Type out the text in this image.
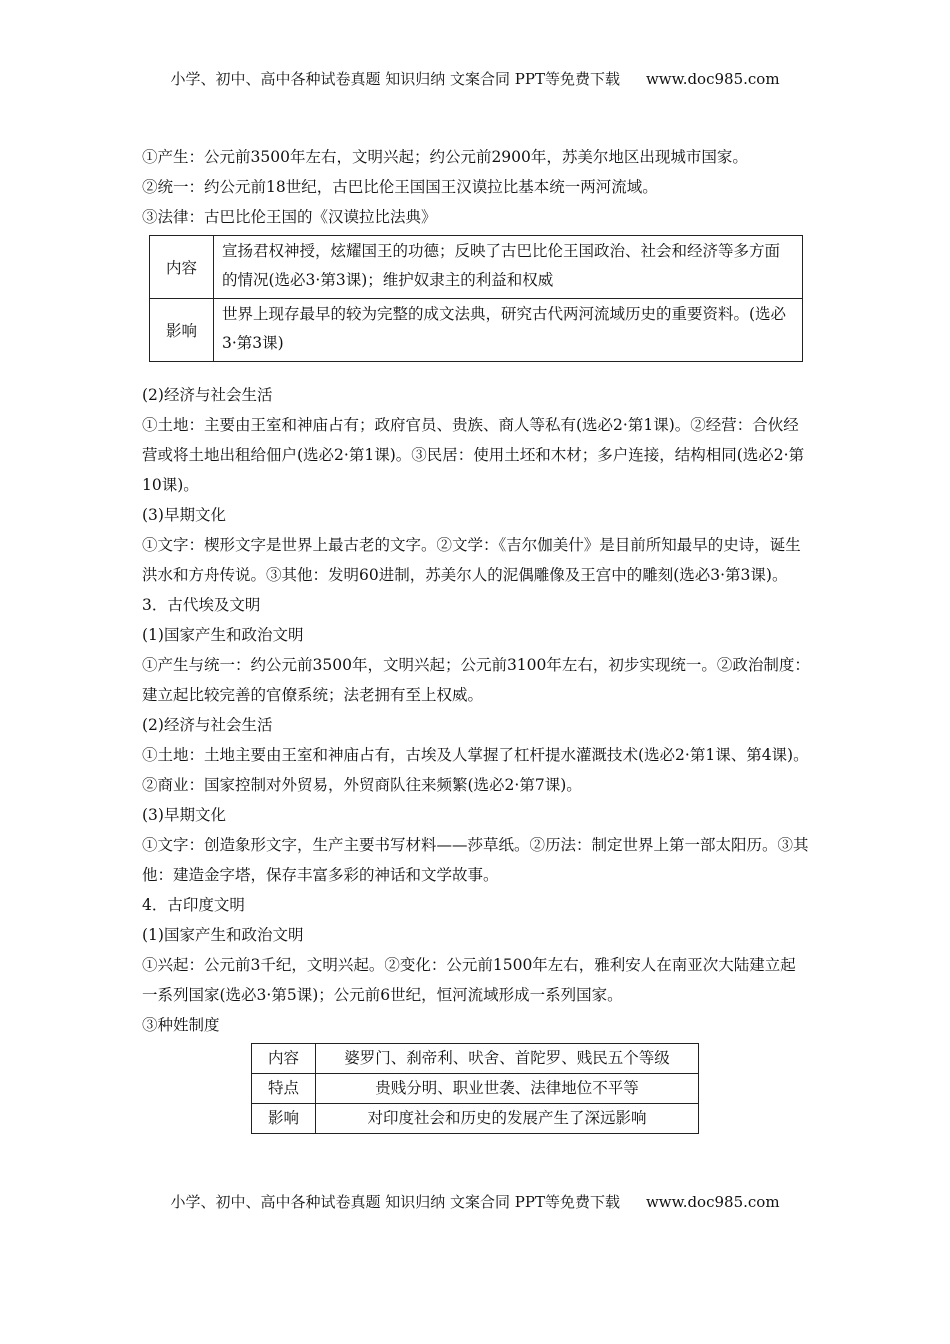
小学、初中、高中各种试卷真题 知识归纳 文案合同 PPT等免费下载 www.doc985.com

①产生：公元前3500年左右，文明兴起；约公元前2900年，苏美尔地区出现城市国家。

②统一：约公元前18世纪，古巴比伦王国国王汉谟拉比基本统一两河流域。

③法律：古巴比伦王国的《汉谟拉比法典》

内容	宣扬君权神授，炫耀国王的功德；反映了古巴比伦王国政治、社会和经济等多方面的情况(选必3·第3课)；维护奴隶主的利益和权威
影响	世界上现存最早的较为完整的成文法典，研究古代两河流域历史的重要资料。(选必3·第3课)

(2)经济与社会生活

①土地：主要由王室和神庙占有；政府官员、贵族、商人等私有(选必2·第1课)。②经营：合伙经营或将土地出租给佃户(选必2·第1课)。③民居：使用土坯和木材；多户连接，结构相同(选必2·第10课)。

(3)早期文化

①文字：楔形文字是世界上最古老的文字。②文学：《吉尔伽美什》是目前所知最早的史诗，诞生洪水和方舟传说。③其他：发明60进制，苏美尔人的泥偶雕像及王宫中的雕刻(选必3·第3课)。

3．古代埃及文明

(1)国家产生和政治文明

①产生与统一：约公元前3500年，文明兴起；公元前3100年左右，初步实现统一。②政治制度：建立起比较完善的官僚系统；法老拥有至上权威。

(2)经济与社会生活

①土地：土地主要由王室和神庙占有，古埃及人掌握了杠杆提水灌溉技术(选必2·第1课、第4课)。②商业：国家控制对外贸易，外贸商队往来频繁(选必2·第7课)。

(3)早期文化

①文字：创造象形文字，生产主要书写材料——莎草纸。②历法：制定世界上第一部太阳历。③其他：建造金字塔，保存丰富多彩的神话和文学故事。

4．古印度文明

(1)国家产生和政治文明

①兴起：公元前3千纪，文明兴起。②变化：公元前1500年左右，雅利安人在南亚次大陆建立起一系列国家(选必3·第5课)；公元前6世纪，恒河流域形成一系列国家。

③种姓制度

内容	婆罗门、刹帝利、吠舍、首陀罗、贱民五个等级
特点	贵贱分明、职业世袭、法律地位不平等
影响	对印度社会和历史的发展产生了深远影响
小学、初中、高中各种试卷真题 知识归纳 文案合同 PPT等免费下载 www.doc985.com
